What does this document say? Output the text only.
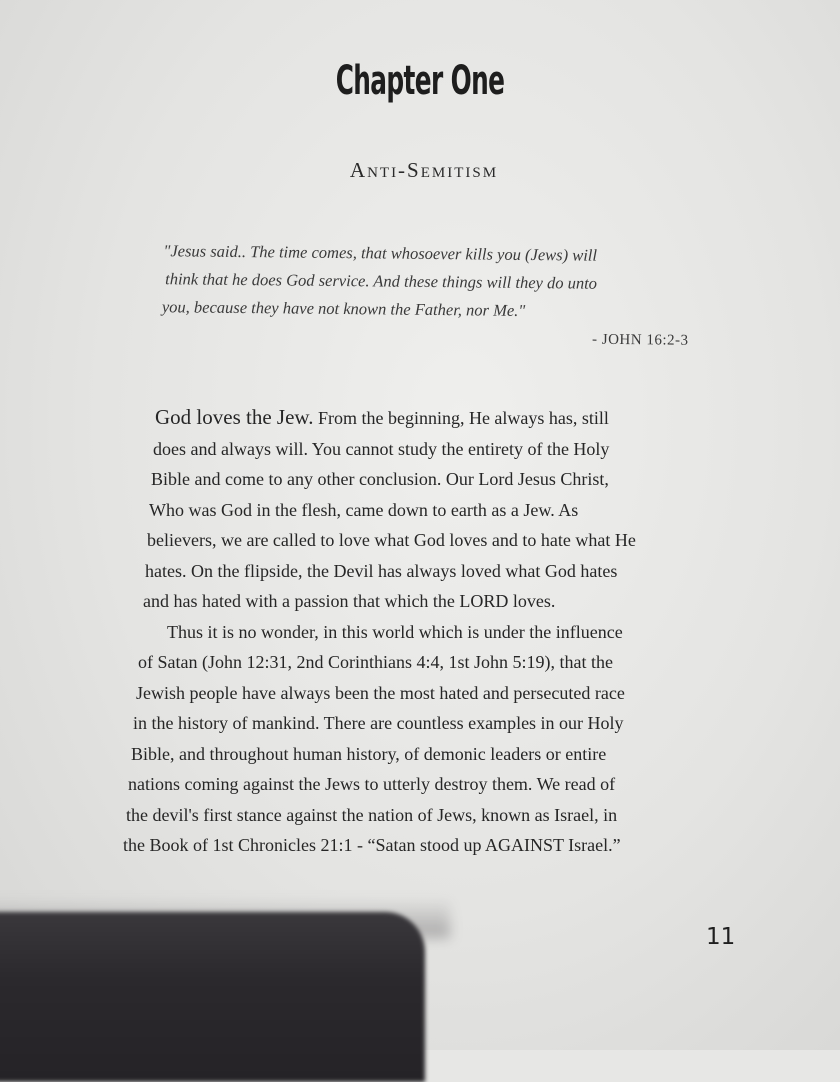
Chapter One
Anti-Semitism
"Jesus said.. The time comes, that whosoever kills you (Jews) will
think that he does God service. And these things will they do unto
you, because they have not known the Father, nor Me."
- JOHN 16:2-3
God loves the Jew. From the beginning, He always has, still
does and always will. You cannot study the entirety of the Holy
Bible and come to any other conclusion. Our Lord Jesus Christ,
Who was God in the flesh, came down to earth as a Jew. As
believers, we are called to love what God loves and to hate what He
hates. On the flipside, the Devil has always loved what God hates
and has hated with a passion that which the LORD loves.
Thus it is no wonder, in this world which is under the influence
of Satan (John 12:31, 2nd Corinthians 4:4, 1st John 5:19), that the
Jewish people have always been the most hated and persecuted race
in the history of mankind. There are countless examples in our Holy
Bible, and throughout human history, of demonic leaders or entire
nations coming against the Jews to utterly destroy them. We read of
the devil's first stance against the nation of Jews, known as Israel, in
the Book of 1st Chronicles 21:1 - “Satan stood up AGAINST Israel.”
11
